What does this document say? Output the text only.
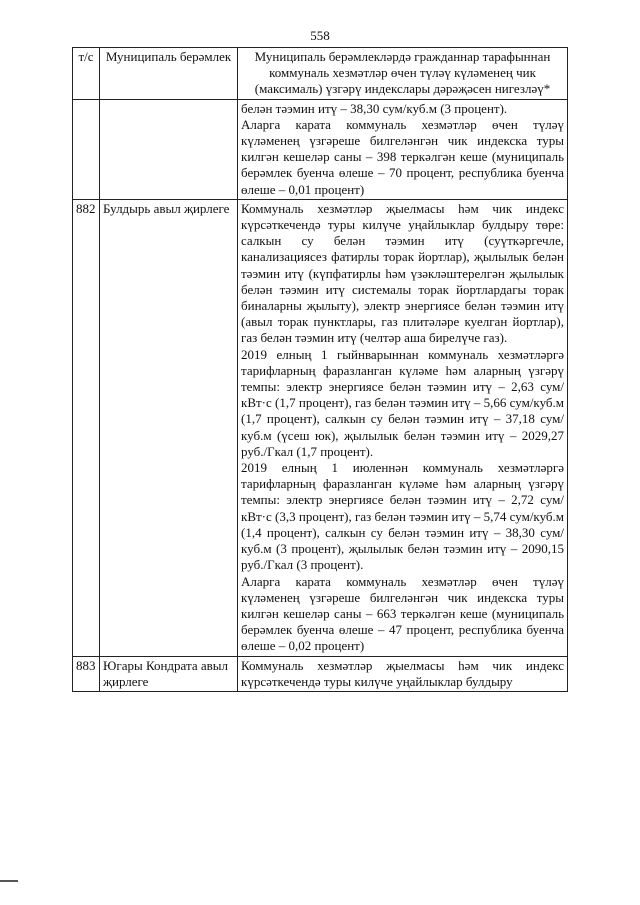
558
т/с	Муниципаль берәмлек	Муниципаль берәмлекләрдә гражданнар тарафыннан коммуналь хезмәтләр өчен түләү күләменең чик (максималь) үзгәрү индекслары дәрәҗәсен нигезләү*

		белән тәэмин итү – 38,30 сум/куб.м (3 процент).

Аларга карата коммуналь хезмәтләр өчен түләү күләменең үзгәреше билгеләнгән чик индекска туры килгән кешеләр саны – 398 теркәлгән кеше (муниципаль берәмлек буенча өлеше – 70 процент, республика буенча өлеше – 0,01 процент)

882	Булдырь авыл җирлеге	Коммуналь хезмәтләр җыелмасы һәм чик индекс күрсәткечендә туры килүче уңайлыклар булдыру төре: салкын су белән тәэмин итү (суүткәргечле, канализациясез фатирлы торак йортлар), җылылык белән тәэмин итү (күпфатирлы һәм үзәкләштерелгән җылылык белән тәэмин итү системалы торак йортлардагы торак биналарны җылыту), электр энергиясе белән тәэмин итү (авыл торак пунктлары, газ плитәләре куелган йортлар), газ белән тәэмин итү (челтәр аша бирелүче газ).

2019 елның 1 гыйнварыннан коммуналь хезмәтләргә тарифларның фаразланган күләме һәм аларның үзгәрү темпы: электр энергиясе белән тәэмин итү – 2,63 сум/кВт·с (1,7 процент), газ белән тәэмин итү – 5,66 сум/куб.м (1,7 процент), салкын су белән тәэмин итү – 37,18 сум/куб.м (үсеш юк), җылылык белән тәэмин итү – 2029,27 руб./Гкал (1,7 процент).

2019 елның 1 июленнән коммуналь хезмәтләргә тарифларның фаразланган күләме һәм аларның үзгәрү темпы: электр энергиясе белән тәэмин итү – 2,72 сум/кВт·с (3,3 процент), газ белән тәэмин итү – 5,74 сум/куб.м (1,4 процент), салкын су белән тәэмин итү – 38,30 сум/куб.м (3 процент), җылылык белән тәэмин итү – 2090,15 руб./Гкал (3 процент).

Аларга карата коммуналь хезмәтләр өчен түләү күләменең үзгәреше билгеләнгән чик индекска туры килгән кешеләр саны – 663 теркәлгән кеше (муниципаль берәмлек буенча өлеше – 47 процент, республика буенча өлеше – 0,02 процент)

883	Югары Кондрата авыл җирлеге	Коммуналь хезмәтләр җыелмасы һәм чик индекс күрсәткечендә туры килүче уңайлыклар булдыру
